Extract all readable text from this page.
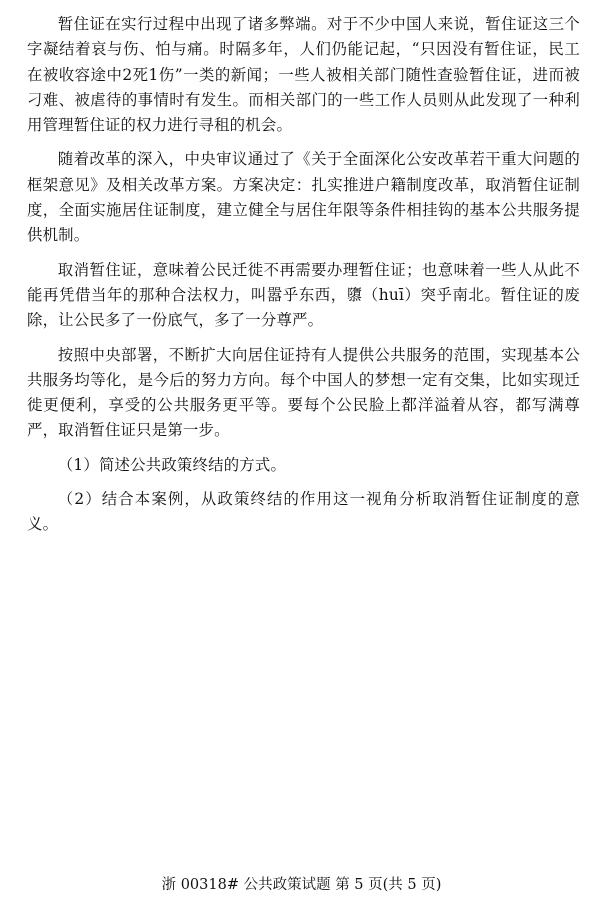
暂住证在实行过程中出现了诸多弊端。对于不少中国人来说，暂住证这三个字凝结着哀与伤、怕与痛。时隔多年，人们仍能记起，“只因没有暂住证，民工在被收容途中2死1伤”一类的新闻；一些人被相关部门随性查验暂住证，进而被刁难、被虐待的事情时有发生。而相关部门的一些工作人员则从此发现了一种利用管理暂住证的权力进行寻租的机会。

随着改革的深入，中央审议通过了《关于全面深化公安改革若干重大问题的框架意见》及相关改革方案。方案决定：扎实推进户籍制度改革，取消暂住证制度，全面实施居住证制度，建立健全与居住年限等条件相挂钩的基本公共服务提供机制。

取消暂住证，意味着公民迁徙不再需要办理暂住证；也意味着一些人从此不能再凭借当年的那种合法权力，叫嚣乎东西，隳（huī）突乎南北。暂住证的废除，让公民多了一份底气，多了一分尊严。

按照中央部署，不断扩大向居住证持有人提供公共服务的范围，实现基本公共服务均等化，是今后的努力方向。每个中国人的梦想一定有交集，比如实现迁徙更便利，享受的公共服务更平等。要每个公民脸上都洋溢着从容，都写满尊严，取消暂住证只是第一步。

（1）简述公共政策终结的方式。

（2）结合本案例，从政策终结的作用这一视角分析取消暂住证制度的意义。

浙 00318# 公共政策试题 第 5 页(共 5 页)
